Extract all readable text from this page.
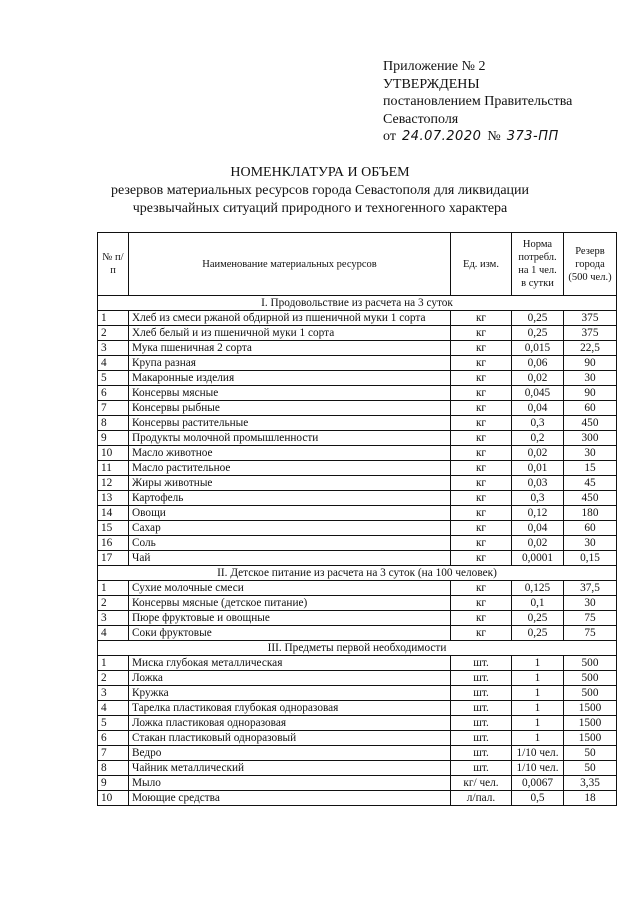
Приложение № 2
УТВЕРЖДЕНЫ
постановлением Правительства
Севастополя
от 24.07.2020 № 373-ПП
НОМЕНКЛАТУРА И ОБЪЕМ
резервов материальных ресурсов города Севастополя для ликвидации
чрезвычайных ситуаций природного и техногенного характера
№ п/п	Наименование материальных ресурсов	Ед. изм.	Норма потребл. на 1 чел. в сутки	Резерв города (500 чел.)
I. Продовольствие из расчета на 3 суток				
1	Хлеб из смеси ржаной обдирной из пшеничной муки 1 сорта	кг	0,25	375
2	Хлеб белый и из пшеничной муки 1 сорта	кг	0,25	375
3	Мука пшеничная 2 сорта	кг	0,015	22,5
4	Крупа разная	кг	0,06	90
5	Макаронные изделия	кг	0,02	30
6	Консервы мясные	кг	0,045	90
7	Консервы рыбные	кг	0,04	60
8	Консервы растительные	кг	0,3	450
9	Продукты молочной промышленности	кг	0,2	300
10	Масло животное	кг	0,02	30
11	Масло растительное	кг	0,01	15
12	Жиры животные	кг	0,03	45
13	Картофель	кг	0,3	450
14	Овощи	кг	0,12	180
15	Сахар	кг	0,04	60
16	Соль	кг	0,02	30
17	Чай	кг	0,0001	0,15
II. Детское питание из расчета на 3 суток (на 100 человек)				
1	Сухие молочные смеси	кг	0,125	37,5
2	Консервы мясные (детское питание)	кг	0,1	30
3	Пюре фруктовые и овощные	кг	0,25	75
4	Соки фруктовые	кг	0,25	75
III. Предметы первой необходимости				
1	Миска глубокая металлическая	шт.	1	500
2	Ложка	шт.	1	500
3	Кружка	шт.	1	500
4	Тарелка пластиковая глубокая одноразовая	шт.	1	1500
5	Ложка пластиковая одноразовая	шт.	1	1500
6	Стакан пластиковый одноразовый	шт.	1	1500
7	Ведро	шт.	1/10 чел.	50
8	Чайник металлический	шт.	1/10 чел.	50
9	Мыло	кг/ чел.	0,0067	3,35
10	Моющие средства	л/пал.	0,5	18
